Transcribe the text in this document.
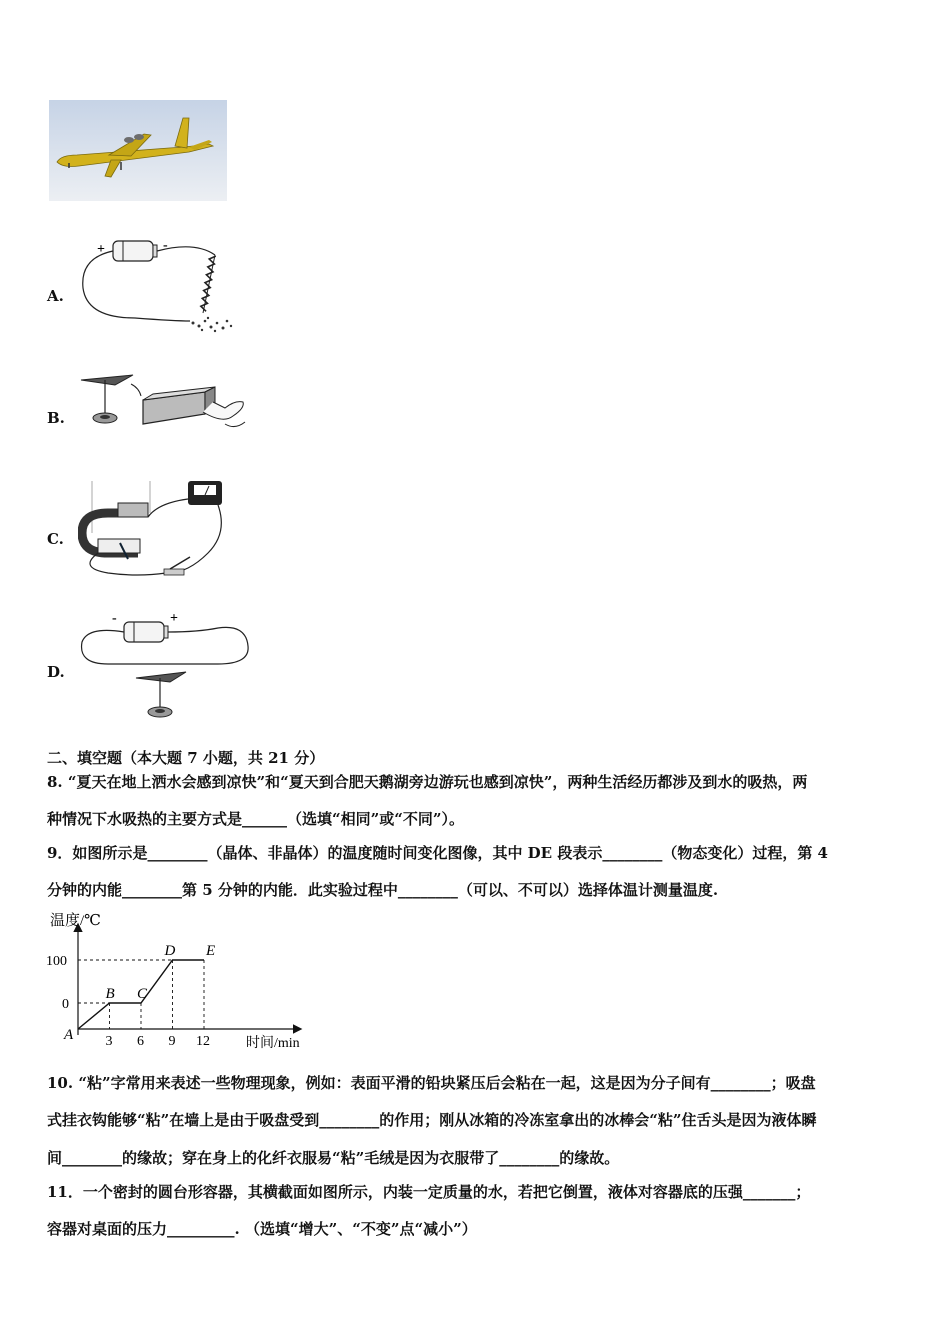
A.
+	-
B.
C.
D.
-	+
二、填空题（本大题 7 小题，共 21 分）
8. “夏天在地上洒水会感到凉快”和“夏天到合肥天鹅湖旁边游玩也感到凉快”，两种生活经历都涉及到水的吸热，两
种情况下水吸热的主要方式是______（选填“相同”或“不同”）。
9．如图所示是________（晶体、非晶体）的温度随时间变化图像，其中 DE 段表示________（物态变化）过程，第 4
分钟的内能________第 5 分钟的内能．此实验过程中________（可以、不可以）选择体温计测量温度.
温度/℃
时间/min
A
B C
D E
3 6 9 12
0
100
10. “粘”字常用来表述一些物理现象，例如：表面平滑的铅块紧压后会粘在一起，这是因为分子间有________；吸盘
式挂衣钩能够“粘”在墙上是由于吸盘受到________的作用；刚从冰箱的冷冻室拿出的冰棒会“粘”住舌头是因为液体瞬
间________的缘故；穿在身上的化纤衣服易“粘”毛绒是因为衣服带了________的缘故。
11．一个密封的圆台形容器，其横截面如图所示，内装一定质量的水，若把它倒置，液体对容器底的压强_______；
容器对桌面的压力_________. （选填“增大”、“不变”点“减小”）
